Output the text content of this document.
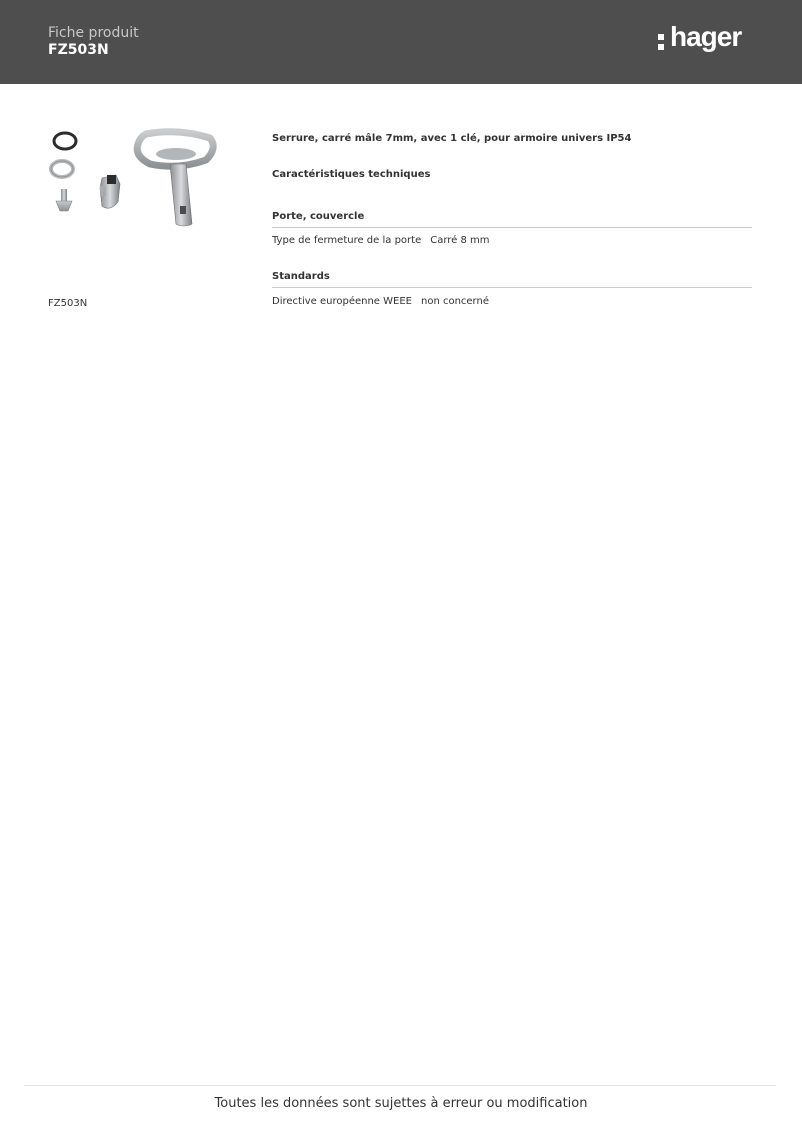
Fiche produit
FZ503N	hager
FZ503N
Serrure, carré mâle 7mm, avec 1 clé, pour armoire univers IP54
Caractéristiques techniques
Porte, couvercle
Type de fermeture de la porte Carré 8 mm
Standards
Directive européenne WEEE non concerné
Toutes les données sont sujettes à erreur ou modification
